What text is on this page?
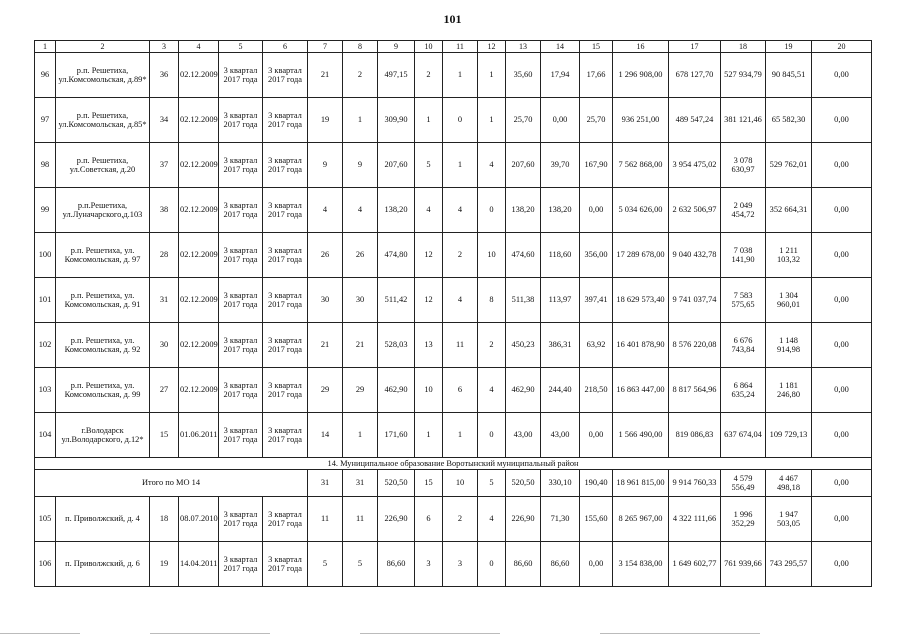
101
1	2	3	4	5	6	7	8	9	10	11	12	13	14	15	16	17	18	19	20
96	р.п. Решетиха, ул.Комсомольская, д.89*	36	02.12.2009	3 квартал 2017 года	3 квартал 2017 года	21	2	497,15	2	1	1	35,60	17,94	17,66	1 296 908,00	678 127,70	527 934,79	90 845,51	0,00
97	р.п. Решетиха, ул.Комсомольская, д.85*	34	02.12.2009	3 квартал 2017 года	3 квартал 2017 года	19	1	309,90	1	0	1	25,70	0,00	25,70	936 251,00	489 547,24	381 121,46	65 582,30	0,00
98	р.п. Решетиха, ул.Советская, д.20	37	02.12.2009	3 квартал 2017 года	3 квартал 2017 года	9	9	207,60	5	1	4	207,60	39,70	167,90	7 562 868,00	3 954 475,02	3 078 630,97	529 762,01	0,00
99	р.п.Решетиха, ул.Луначарского,д.103	38	02.12.2009	3 квартал 2017 года	3 квартал 2017 года	4	4	138,20	4	4	0	138,20	138,20	0,00	5 034 626,00	2 632 506,97	2 049 454,72	352 664,31	0,00
100	р.п. Решетиха, ул. Комсомольская, д. 97	28	02.12.2009	3 квартал 2017 года	3 квартал 2017 года	26	26	474,80	12	2	10	474,60	118,60	356,00	17 289 678,00	9 040 432,78	7 038 141,90	1 211 103,32	0,00
101	р.п. Решетиха, ул. Комсомольская, д. 91	31	02.12.2009	3 квартал 2017 года	3 квартал 2017 года	30	30	511,42	12	4	8	511,38	113,97	397,41	18 629 573,40	9 741 037,74	7 583 575,65	1 304 960,01	0,00
102	р.п. Решетиха, ул. Комсомольская, д. 92	30	02.12.2009	3 квартал 2017 года	3 квартал 2017 года	21	21	528,03	13	11	2	450,23	386,31	63,92	16 401 878,90	8 576 220,08	6 676 743,84	1 148 914,98	0,00
103	р.п. Решетиха, ул. Комсомольская, д. 99	27	02.12.2009	3 квартал 2017 года	3 квартал 2017 года	29	29	462,90	10	6	4	462,90	244,40	218,50	16 863 447,00	8 817 564,96	6 864 635,24	1 181 246,80	0,00
104	г.Володарск ул.Володарского, д.12*	15	01.06.2011	3 квартал 2017 года	3 квартал 2017 года	14	1	171,60	1	1	0	43,00	43,00	0,00	1 566 490,00	819 086,83	637 674,04	109 729,13	0,00
14. Муниципальное образование Воротынский муниципальный район																			
Итого по МО 14						31	31	520,50	15	10	5	520,50	330,10	190,40	18 961 815,00	9 914 760,33	4 579 556,49	4 467 498,18	0,00
105	п. Приволжский, д. 4	18	08.07.2010	3 квартал 2017 года	3 квартал 2017 года	11	11	226,90	6	2	4	226,90	71,30	155,60	8 265 967,00	4 322 111,66	1 996 352,29	1 947 503,05	0,00
106	п. Приволжский, д. 6	19	14.04.2011	3 квартал 2017 года	3 квартал 2017 года	5	5	86,60	3	3	0	86,60	86,60	0,00	3 154 838,00	1 649 602,77	761 939,66	743 295,57	0,00
